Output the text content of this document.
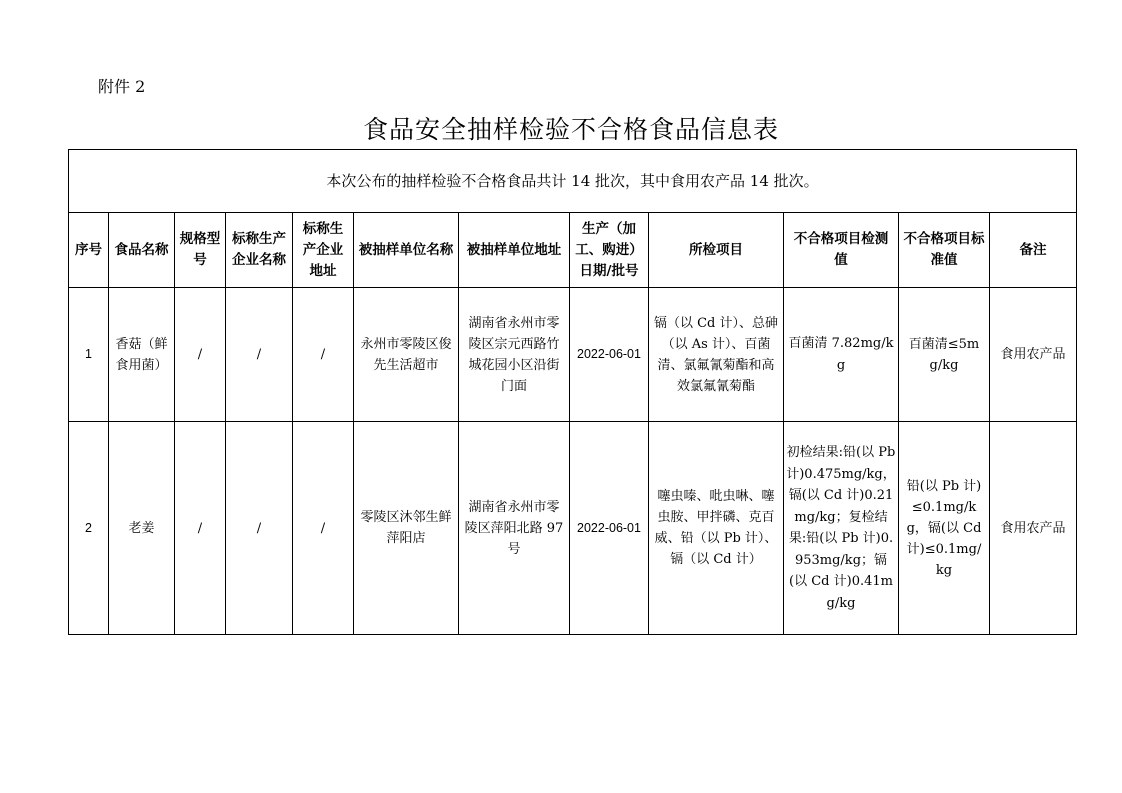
附件 2
食品安全抽样检验不合格食品信息表
本次公布的抽样检验不合格食品共计 14 批次，其中食用农产品 14 批次。											
序号	食品名称	规格型号	标称生产企业名称	标称生产企业地址	被抽样单位名称	被抽样单位地址	生产（加工、购进）日期/批号	所检项目	不合格项目检测值	不合格项目标准值	备注
1	香菇（鲜食用菌）	/	/	/	永州市零陵区俊先生活超市	湖南省永州市零陵区宗元西路竹城花园小区沿街门面	2022-06-01	镉（以 Cd 计）、总砷（以 As 计）、百菌清、氯氟氰菊酯和高效氯氟氰菊酯	百菌清 7.82mg/kg	百菌清≤5mg/kg	食用农产品
2	老姜	/	/	/	零陵区沐邻生鲜萍阳店	湖南省永州市零陵区萍阳北路 97 号	2022-06-01	噻虫嗪、吡虫啉、噻虫胺、甲拌磷、克百威、铅（以 Pb 计）、镉（以 Cd 计）	初检结果:铅(以 Pb 计)0.475mg/kg，镉(以 Cd 计)0.21mg/kg；复检结果:铅(以 Pb 计)0.953mg/kg；镉(以 Cd 计)0.41mg/kg	铅(以 Pb 计)≤0.1mg/kg，镉(以 Cd 计)≤0.1mg/kg	食用农产品
